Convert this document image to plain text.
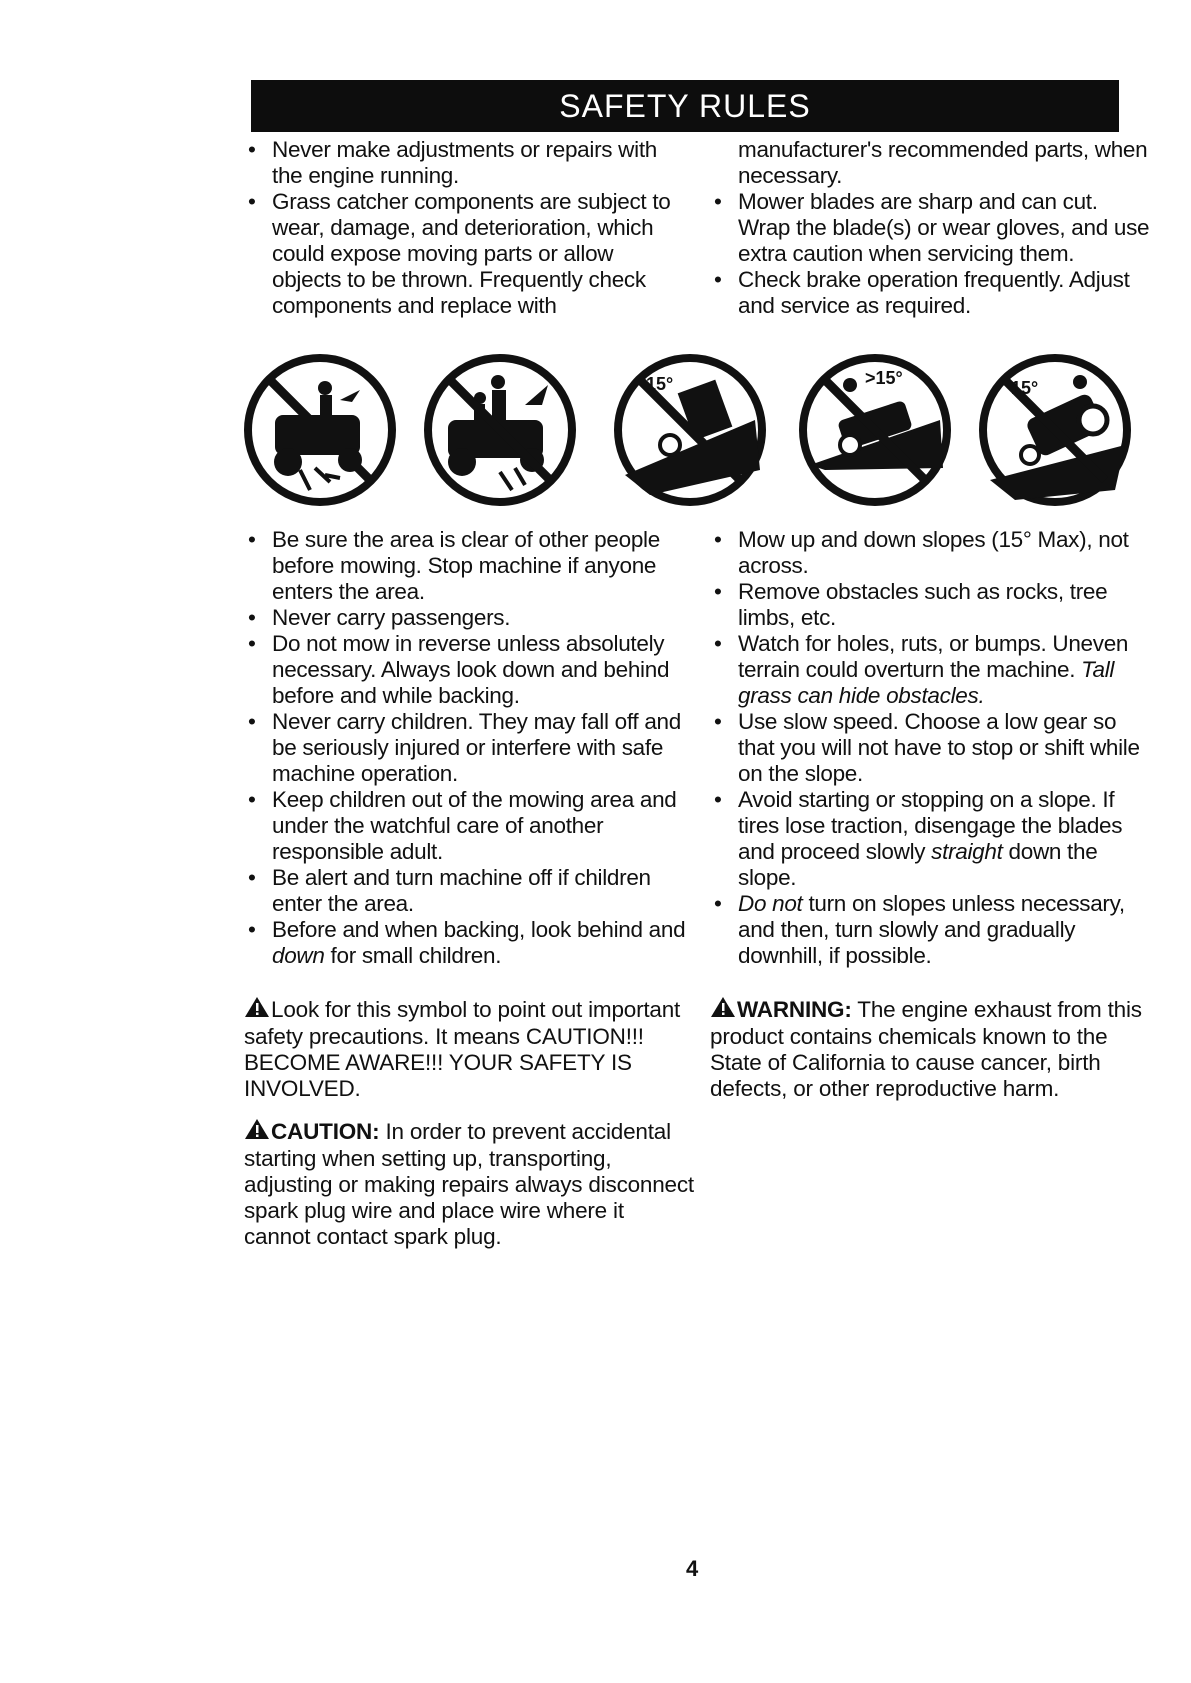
SAFETY RULES
• Never make adjustments or repairs with the engine running.
• Grass catcher components are subject to wear, damage, and deterioration, which could expose moving parts or allow objects to be thrown. Frequently check components and replace with
manufacturer's recommended parts, when necessary.
• Mower blades are sharp and can cut. Wrap the blade(s) or wear gloves, and use extra caution when servicing them.
• Check brake operation frequently. Adjust and service as required.
15°	>15°	15°
• Be sure the area is clear of other people before mowing. Stop machine if anyone enters the area.
• Never carry passengers.
• Do not mow in reverse unless absolutely necessary. Always look down and behind before and while backing.
• Never carry children. They may fall off and be seriously injured or interfere with safe machine operation.
• Keep children out of the mowing area and under the watchful care of another responsible adult.
• Be alert and turn machine off if children enter the area.
• Before and when backing, look behind and down for small children.
• Mow up and down slopes (15° Max), not across.
• Remove obstacles such as rocks, tree limbs, etc.
• Watch for holes, ruts, or bumps. Uneven terrain could overturn the machine. Tall grass can hide obstacles.
• Use slow speed. Choose a low gear so that you will not have to stop or shift while on the slope.
• Avoid starting or stopping on a slope. If tires lose traction, disengage the blades and proceed slowly straight down the slope.
• Do not turn on slopes unless necessary, and then, turn slowly and gradually downhill, if possible.
Look for this symbol to point out important safety precautions. It means CAUTION!!! BECOME AWARE!!! YOUR SAFETY IS INVOLVED.
WARNING: The engine exhaust from this product contains chemicals known to the State of California to cause cancer, birth defects, or other reproductive harm.
CAUTION: In order to prevent accidental starting when setting up, transporting, adjusting or making repairs always disconnect spark plug wire and place wire where it cannot contact spark plug.
4
